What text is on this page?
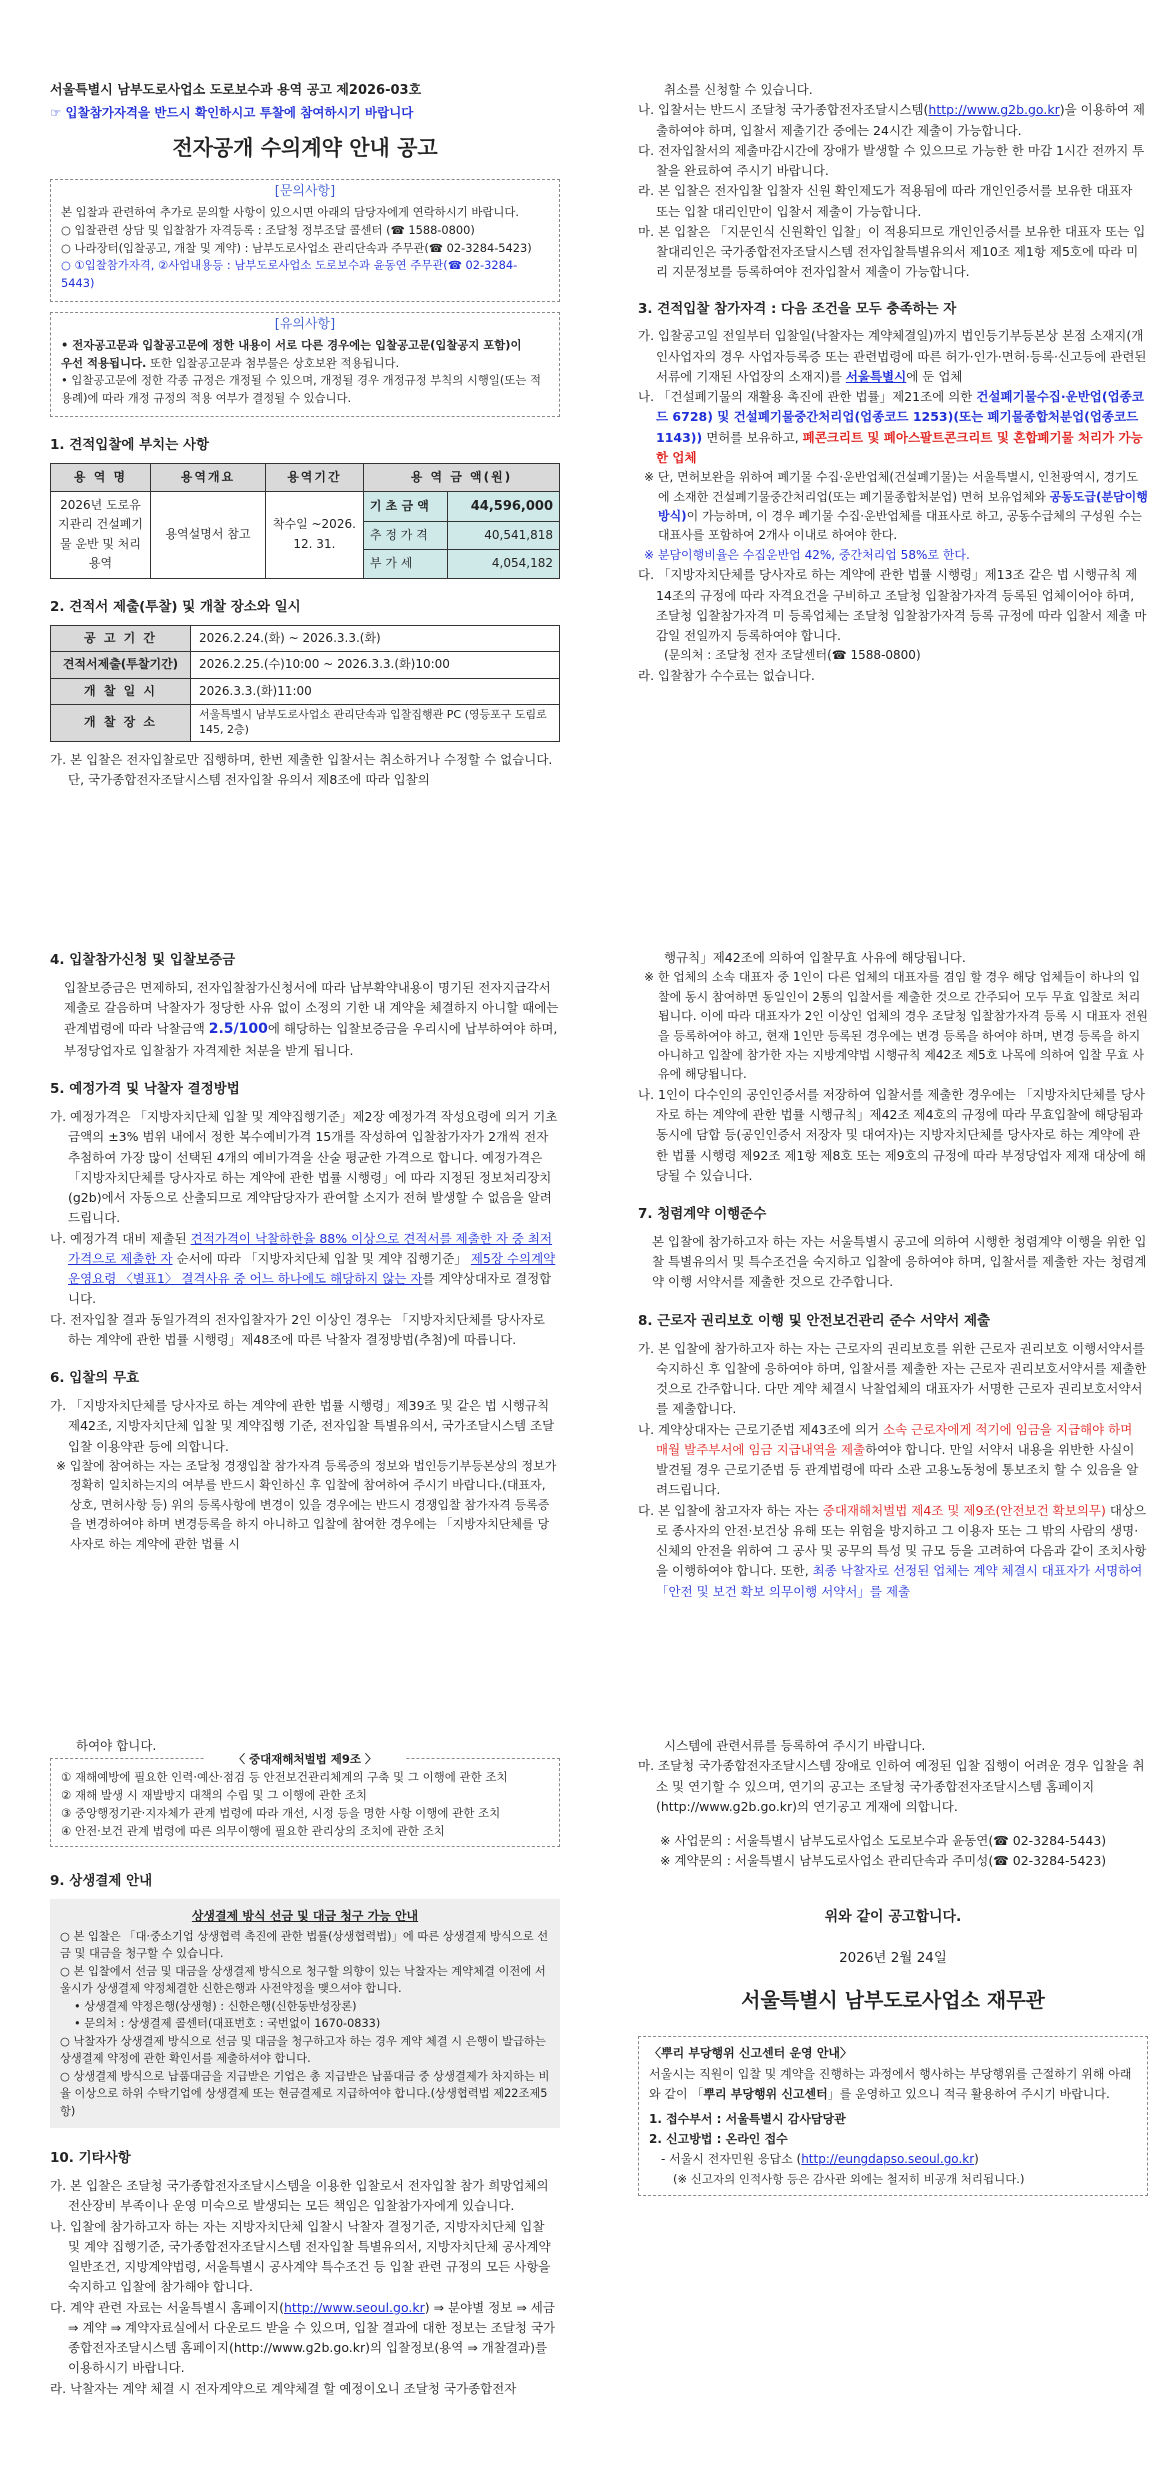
서울특별시 남부도로사업소 도로보수과 용역 공고 제2026-03호
☞ 입찰참가자격을 반드시 확인하시고 투찰에 참여하시기 바랍니다
전자공개 수의계약 안내 공고
[문의사항]
본 입찰과 관련하여 추가로 문의할 사항이 있으시면 아래의 담당자에게 연락하시기 바랍니다.
○ 입찰관련 상담 및 입찰참가 자격등록 : 조달청 정부조달 콜센터 (☎ 1588-0800)
○ 나라장터(입찰공고, 개찰 및 계약) : 남부도로사업소 관리단속과 주무관(☎ 02-3284-5423)
○ ①입찰참가자격, ②사업내용등 : 남부도로사업소 도로보수과 윤동연 주무관(☎ 02-3284-5443)
[유의사항]
• 전자공고문과 입찰공고문에 정한 내용이 서로 다른 경우에는 입찰공고문(입찰공지 포함)이
우선 적용됩니다. 또한 입찰공고문과 첨부물은 상호보완 적용됩니다.
• 입찰공고문에 정한 각종 규정은 개정될 수 있으며, 개정될 경우 개정규정 부칙의 시행일(또는 적용례)에 따라 개정 규정의 적용 여부가 결정될 수 있습니다.
1. 견적입찰에 부치는 사항
용 역 명	용역개요	용역기간	용 역 금 액(원)	
2026년 도로유지관리 건설폐기물 운반 및 처리용역	용역설명서 참고	착수일 ~2026. 12. 31.	기 초 금 액	44,596,000
			추 정 가 격	40,541,818
			부 가 세	4,054,182
2. 견적서 제출(투찰) 및 개찰 장소와 일시
공 고 기 간	2026.2.24.(화) ~ 2026.3.3.(화)
견적서제출(투찰기간)	2026.2.25.(수)10:00 ~ 2026.3.3.(화)10:00
개 찰 일 시	2026.3.3.(화)11:00
개 찰 장 소	서울특별시 남부도로사업소 관리단속과 입찰집행관 PC (영등포구 도림로 145, 2층)
가. 본 입찰은 전자입찰로만 집행하며, 한번 제출한 입찰서는 취소하거나 수정할 수 없습니다. 단, 국가종합전자조달시스템 전자입찰 유의서 제8조에 따라 입찰의
취소를 신청할 수 있습니다.
나. 입찰서는 반드시 조달청 국가종합전자조달시스템(http://www.g2b.go.kr)을 이용하여 제출하여야 하며, 입찰서 제출기간 중에는 24시간 제출이 가능합니다.
다. 전자입찰서의 제출마감시간에 장애가 발생할 수 있으므로 가능한 한 마감 1시간 전까지 투찰을 완료하여 주시기 바랍니다.
라. 본 입찰은 전자입찰 입찰자 신원 확인제도가 적용됨에 따라 개인인증서를 보유한 대표자 또는 입찰 대리인만이 입찰서 제출이 가능합니다.
마. 본 입찰은 「지문인식 신원확인 입찰」이 적용되므로 개인인증서를 보유한 대표자 또는 입찰대리인은 국가종합전자조달시스템 전자입찰특별유의서 제10조 제1항 제5호에 따라 미리 지문정보를 등록하여야 전자입찰서 제출이 가능합니다.
3. 견적입찰 참가자격 : 다음 조건을 모두 충족하는 자
가. 입찰공고일 전일부터 입찰일(낙찰자는 계약체결일)까지 법인등기부등본상 본점 소재지(개인사업자의 경우 사업자등록증 또는 관련법령에 따른 허가·인가·면허·등록·신고등에 관련된 서류에 기재된 사업장의 소재지)를 서울특별시에 둔 업체
나. 「건설폐기물의 재활용 촉진에 관한 법률」제21조에 의한 건설폐기물수집·운반업(업종코드 6728) 및 건설폐기물중간처리업(업종코드 1253)(또는 폐기물종합처분업(업종코드 1143)) 면허를 보유하고, 폐콘크리트 및 폐아스팔트콘크리트 및 혼합폐기물 처리가 가능한 업체
※ 단, 면허보완을 위하여 폐기물 수집·운반업체(건설폐기물)는 서울특별시, 인천광역시, 경기도에 소재한 건설폐기물중간처리업(또는 폐기물종합처분업) 면허 보유업체와 공동도급(분담이행방식)이 가능하며, 이 경우 폐기물 수집·운반업체를 대표사로 하고, 공동수급체의 구성원 수는 대표사를 포함하여 2개사 이내로 하여야 한다.
※ 분담이행비율은 수집운반업 42%, 중간처리업 58%로 한다.
다. 「지방자치단체를 당사자로 하는 계약에 관한 법률 시행령」제13조 같은 법 시행규칙 제14조의 규정에 따라 자격요건을 구비하고 조달청 입찰참가자격 등록된 업체이어야 하며, 조달청 입찰참가자격 미 등록업체는 조달청 입찰참가자격 등록 규정에 따라 입찰서 제출 마감일 전일까지 등록하여야 합니다.
(문의처 : 조달청 전자 조달센터(☎ 1588-0800)
라. 입찰참가 수수료는 없습니다.
4. 입찰참가신청 및 입찰보증금
입찰보증금은 면제하되, 전자입찰참가신청서에 따라 납부확약내용이 명기된 전자지급각서 제출로 갈음하며 낙찰자가 정당한 사유 없이 소정의 기한 내 계약을 체결하지 아니할 때에는 관계법령에 따라 낙찰금액 2.5/100에 해당하는 입찰보증금을 우리시에 납부하여야 하며, 부정당업자로 입찰참가 자격제한 처분을 받게 됩니다.
5. 예정가격 및 낙찰자 결정방법
가. 예정가격은 「지방자치단체 입찰 및 계약집행기준」제2장 예정가격 작성요령에 의거 기초금액의 ±3% 범위 내에서 정한 복수예비가격 15개를 작성하여 입찰참가자가 2개씩 전자 추첨하여 가장 많이 선택된 4개의 예비가격을 산술 평균한 가격으로 합니다. 예정가격은 「지방자치단체를 당사자로 하는 계약에 관한 법률 시행령」에 따라 지정된 정보처리장치(g2b)에서 자동으로 산출되므로 계약담당자가 관여할 소지가 전혀 발생할 수 없음을 알려드립니다.
나. 예정가격 대비 제출된 견적가격이 낙찰하한율 88% 이상으로 견적서를 제출한 자 중 최저가격으로 제출한 자 순서에 따라 「지방자치단체 입찰 및 계약 집행기준」 제5장 수의계약 운영요령 〈별표1〉 결격사유 중 어느 하나에도 해당하지 않는 자를 계약상대자로 결정합니다.
다. 전자입찰 결과 동일가격의 전자입찰자가 2인 이상인 경우는 「지방자치단체를 당사자로 하는 계약에 관한 법률 시행령」제48조에 따른 낙찰자 결정방법(추첨)에 따릅니다.
6. 입찰의 무효
가. 「지방자치단체를 당사자로 하는 계약에 관한 법률 시행령」제39조 및 같은 법 시행규칙 제42조, 지방자치단체 입찰 및 계약집행 기준, 전자입찰 특별유의서, 국가조달시스템 조달입찰 이용약관 등에 의합니다.
※ 입찰에 참여하는 자는 조달청 경쟁입찰 참가자격 등록증의 정보와 법인등기부등본상의 정보가 정확히 일치하는지의 여부를 반드시 확인하신 후 입찰에 참여하여 주시기 바랍니다.(대표자, 상호, 면허사항 등) 위의 등록사항에 변경이 있을 경우에는 반드시 경쟁입찰 참가자격 등록증을 변경하여야 하며 변경등록을 하지 아니하고 입찰에 참여한 경우에는 「지방자치단체를 당사자로 하는 계약에 관한 법률 시
행규칙」제42조에 의하여 입찰무효 사유에 해당됩니다.
※ 한 업체의 소속 대표자 중 1인이 다른 업체의 대표자를 겸임 할 경우 해당 업체들이 하나의 입찰에 동시 참여하면 동일인이 2통의 입찰서를 제출한 것으로 간주되어 모두 무효 입찰로 처리됩니다. 이에 따라 대표자가 2인 이상인 업체의 경우 조달청 입찰참가자격 등록 시 대표자 전원을 등록하여야 하고, 현재 1인만 등록된 경우에는 변경 등록을 하여야 하며, 변경 등록을 하지 아니하고 입찰에 참가한 자는 지방계약법 시행규칙 제42조 제5호 나목에 의하여 입찰 무효 사유에 해당됩니다.
나. 1인이 다수인의 공인인증서를 저장하여 입찰서를 제출한 경우에는 「지방자치단체를 당사자로 하는 계약에 관한 법률 시행규칙」제42조 제4호의 규정에 따라 무효입찰에 해당됨과 동시에 담합 등(공인인증서 저장자 및 대여자)는 지방자치단체를 당사자로 하는 계약에 관한 법률 시행령 제92조 제1항 제8호 또는 제9호의 규정에 따라 부정당업자 제재 대상에 해당될 수 있습니다.
7. 청렴계약 이행준수
본 입찰에 참가하고자 하는 자는 서울특별시 공고에 의하여 시행한 청렴계약 이행을 위한 입찰 특별유의서 및 특수조건을 숙지하고 입찰에 응하여야 하며, 입찰서를 제출한 자는 청렴계약 이행 서약서를 제출한 것으로 간주합니다.
8. 근로자 권리보호 이행 및 안전보건관리 준수 서약서 제출
가. 본 입찰에 참가하고자 하는 자는 근로자의 권리보호를 위한 근로자 권리보호 이행서약서를 숙지하신 후 입찰에 응하여야 하며, 입찰서를 제출한 자는 근로자 권리보호서약서를 제출한 것으로 간주합니다. 다만 계약 체결시 낙찰업체의 대표자가 서명한 근로자 권리보호서약서를 제출합니다.
나. 계약상대자는 근로기준법 제43조에 의거 소속 근로자에게 적기에 임금을 지급해야 하며 매월 발주부서에 임금 지급내역을 제출하여야 합니다. 만일 서약서 내용을 위반한 사실이 발견될 경우 근로기준법 등 관계법령에 따라 소관 고용노동청에 통보조치 할 수 있음을 알려드립니다.
다. 본 입찰에 참고자자 하는 자는 중대재해처벌법 제4조 및 제9조(안전보건 확보의무) 대상으로 종사자의 안전·보건상 유해 또는 위험을 방지하고 그 이용자 또는 그 밖의 사람의 생명·신체의 안전을 위하여 그 공사 및 공무의 특성 및 규모 등을 고려하여 다음과 같이 조치사항을 이행하여야 합니다. 또한, 최종 낙찰자로 선정된 업체는 계약 체결시 대표자가 서명하여 「안전 및 보건 확보 의무이행 서약서」를 제출
하여야 합니다.
〈 중대재해처벌법 제9조 〉
① 재해예방에 필요한 인력·예산·점검 등 안전보건관리체계의 구축 및 그 이행에 관한 조치
② 재해 발생 시 재발방지 대책의 수립 및 그 이행에 관한 조치
③ 중앙행정기관·지자체가 관계 법령에 따라 개선, 시정 등을 명한 사항 이행에 관한 조치
④ 안전·보건 관계 법령에 따른 의무이행에 필요한 관리상의 조치에 관한 조치
9. 상생결제 안내
상생결제 방식 선금 및 대금 청구 가능 안내
○ 본 입찰은 「대·중소기업 상생협력 촉진에 관한 법률(상생협력법)」에 따른 상생결제 방식으로 선금 및 대금을 청구할 수 있습니다.
○ 본 입찰에서 선금 및 대금을 상생결제 방식으로 청구할 의향이 있는 낙찰자는 계약체결 이전에 서울시가 상생결제 약정체결한 신한은행과 사전약정을 맺으셔야 합니다.
• 상생결제 약정은행(상생형) : 신한은행(신한동반성장론)
• 문의처 : 상생결제 콜센터(대표번호 : 국번없이 1670-0833)
○ 낙찰자가 상생결제 방식으로 선금 및 대금을 청구하고자 하는 경우 계약 체결 시 은행이 발급하는 상생결제 약정에 관한 확인서를 제출하셔야 합니다.
○ 상생결제 방식으로 납품대금을 지급받은 기업은 총 지급받은 납품대금 중 상생결제가 차지하는 비율 이상으로 하위 수탁기업에 상생결제 또는 현금결제로 지급하여야 합니다.(상생협력법 제22조제5항)
10. 기타사항
가. 본 입찰은 조달청 국가종합전자조달시스템을 이용한 입찰로서 전자입찰 참가 희망업체의 전산장비 부족이나 운영 미숙으로 발생되는 모든 책임은 입찰참가자에게 있습니다.
나. 입찰에 참가하고자 하는 자는 지방자치단체 입찰시 낙찰자 결정기준, 지방자치단체 입찰 및 계약 집행기준, 국가종합전자조달시스템 전자입찰 특별유의서, 지방자치단체 공사계약 일반조건, 지방계약법령, 서울특별시 공사계약 특수조건 등 입찰 관련 규정의 모든 사항을 숙지하고 입찰에 참가해야 합니다.
다. 계약 관련 자료는 서울특별시 홈페이지(http://www.seoul.go.kr) ⇒ 분야별 정보 ⇒ 세금 ⇒ 계약 ⇒ 계약자료실에서 다운로드 받을 수 있으며, 입찰 결과에 대한 정보는 조달청 국가종합전자조달시스템 홈페이지(http://www.g2b.go.kr)의 입찰정보(용역 ⇒ 개찰결과)를 이용하시기 바랍니다.
라. 낙찰자는 계약 체결 시 전자계약으로 계약체결 할 예정이오니 조달청 국가종합전자
시스템에 관련서류를 등록하여 주시기 바랍니다.
마. 조달청 국가종합전자조달시스템 장애로 인하여 예정된 입찰 집행이 어려운 경우 입찰을 취소 및 연기할 수 있으며, 연기의 공고는 조달청 국가종합전자조달시스템 홈페이지(http://www.g2b.go.kr)의 연기공고 게재에 의합니다.
※ 사업문의 : 서울특별시 남부도로사업소 도로보수과 윤동연(☎ 02-3284-5443)
※ 계약문의 : 서울특별시 남부도로사업소 관리단속과 주미성(☎ 02-3284-5423)
위와 같이 공고합니다.
2026년 2월 24일
서울특별시 남부도로사업소 재무관
〈뿌리 부당행위 신고센터 운영 안내〉
서울시는 직원이 입찰 및 계약을 진행하는 과정에서 행사하는 부당행위를 근절하기 위해 아래와 같이 「뿌리 부당행위 신고센터」를 운영하고 있으니 적극 활용하여 주시기 바랍니다.
1. 접수부서 : 서울특별시 감사담당관
2. 신고방법 : 온라인 접수
- 서울시 전자민원 응답소 (http://eungdapso.seoul.go.kr)
(※ 신고자의 인적사항 등은 감사관 외에는 철저히 비공개 처리됩니다.)
